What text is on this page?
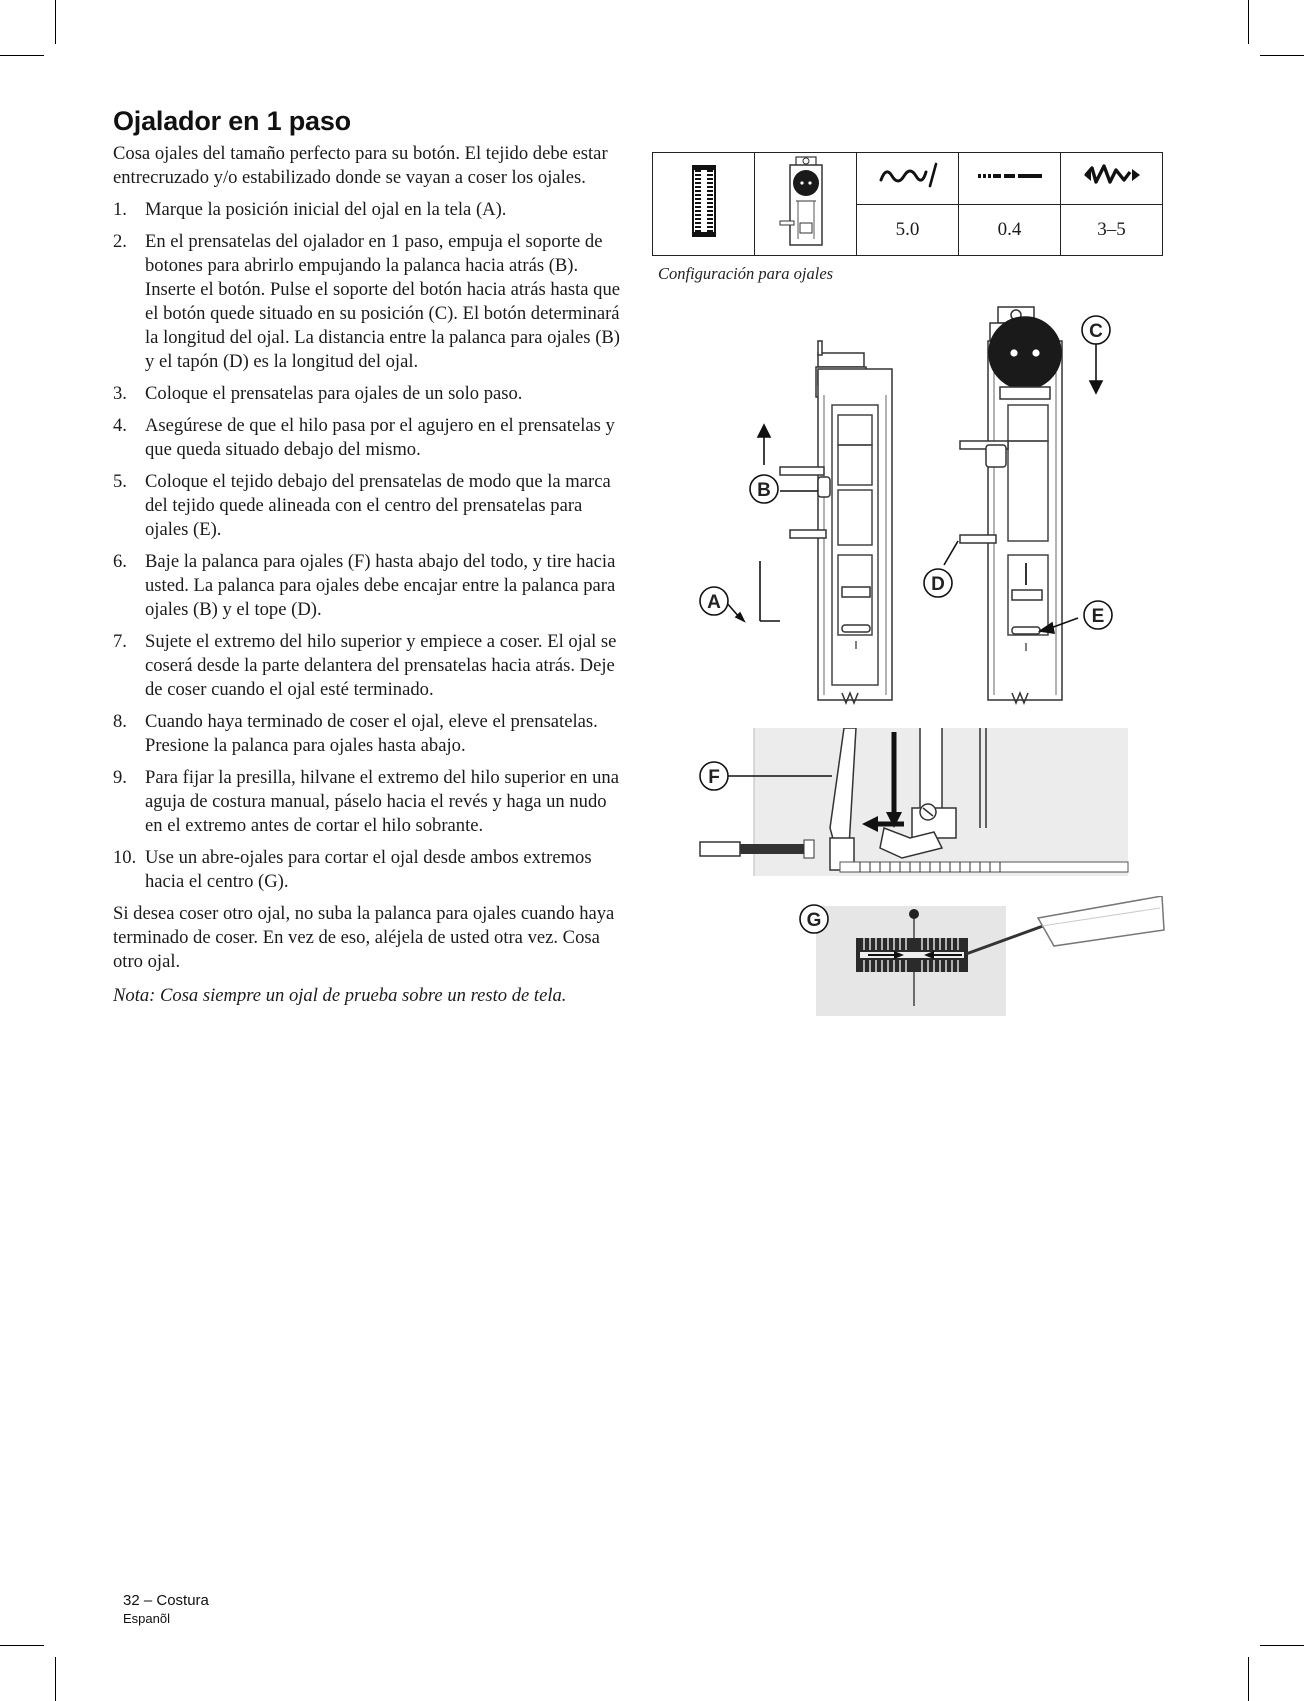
Ojalador en 1 paso

Cosa ojales del tamaño perfecto para su botón. El tejido debe estar entrecruzado y/o estabilizado donde se vayan a coser los ojales.

1. Marque la posición inicial del ojal en la tela (A).
2. En el prensatelas del ojalador en 1 paso, empuja el soporte de botones para abrirlo empujando la palanca hacia atrás (B). Inserte el botón. Pulse el soporte del botón hacia atrás hasta que el botón quede situado en su posición (C). El botón determinará la longitud del ojal. La distancia entre la palanca para ojales (B) y el tapón (D) es la longitud del ojal.
3. Coloque el prensatelas para ojales de un solo paso.
4. Asegúrese de que el hilo pasa por el agujero en el prensatelas y que queda situado debajo del mismo.
5. Coloque el tejido debajo del prensatelas de modo que la marca del tejido quede alineada con el centro del prensatelas para ojales (E).
6. Baje la palanca para ojales (F) hasta abajo del todo, y tire hacia usted. La palanca para ojales debe encajar entre la palanca para ojales (B) y el tope (D).
7. Sujete el extremo del hilo superior y empiece a coser. El ojal se coserá desde la parte delantera del prensatelas hacia atrás. Deje de coser cuando el ojal esté terminado.
8. Cuando haya terminado de coser el ojal, eleve el prensatelas. Presione la palanca para ojales hasta abajo.
9. Para fijar la presilla, hilvane el extremo del hilo superior en una aguja de costura manual, páselo hacia el revés y haga un nudo en el extremo antes de cortar el hilo sobrante.
10. Use un abre-ojales para cortar el ojal desde ambos extremos hacia el centro (G).

Si desea coser otro ojal, no suba la palanca para ojales cuando haya terminado de coser. En vez de eso, aléjela de usted otra vez. Cosa otro ojal.

Nota: Cosa siempre un ojal de prueba sobre un resto de tela.

		5.0	0.4	3–5
Configuración para ojales
A
B
C
D
E
F
G
32 – Costura
Espanõl
